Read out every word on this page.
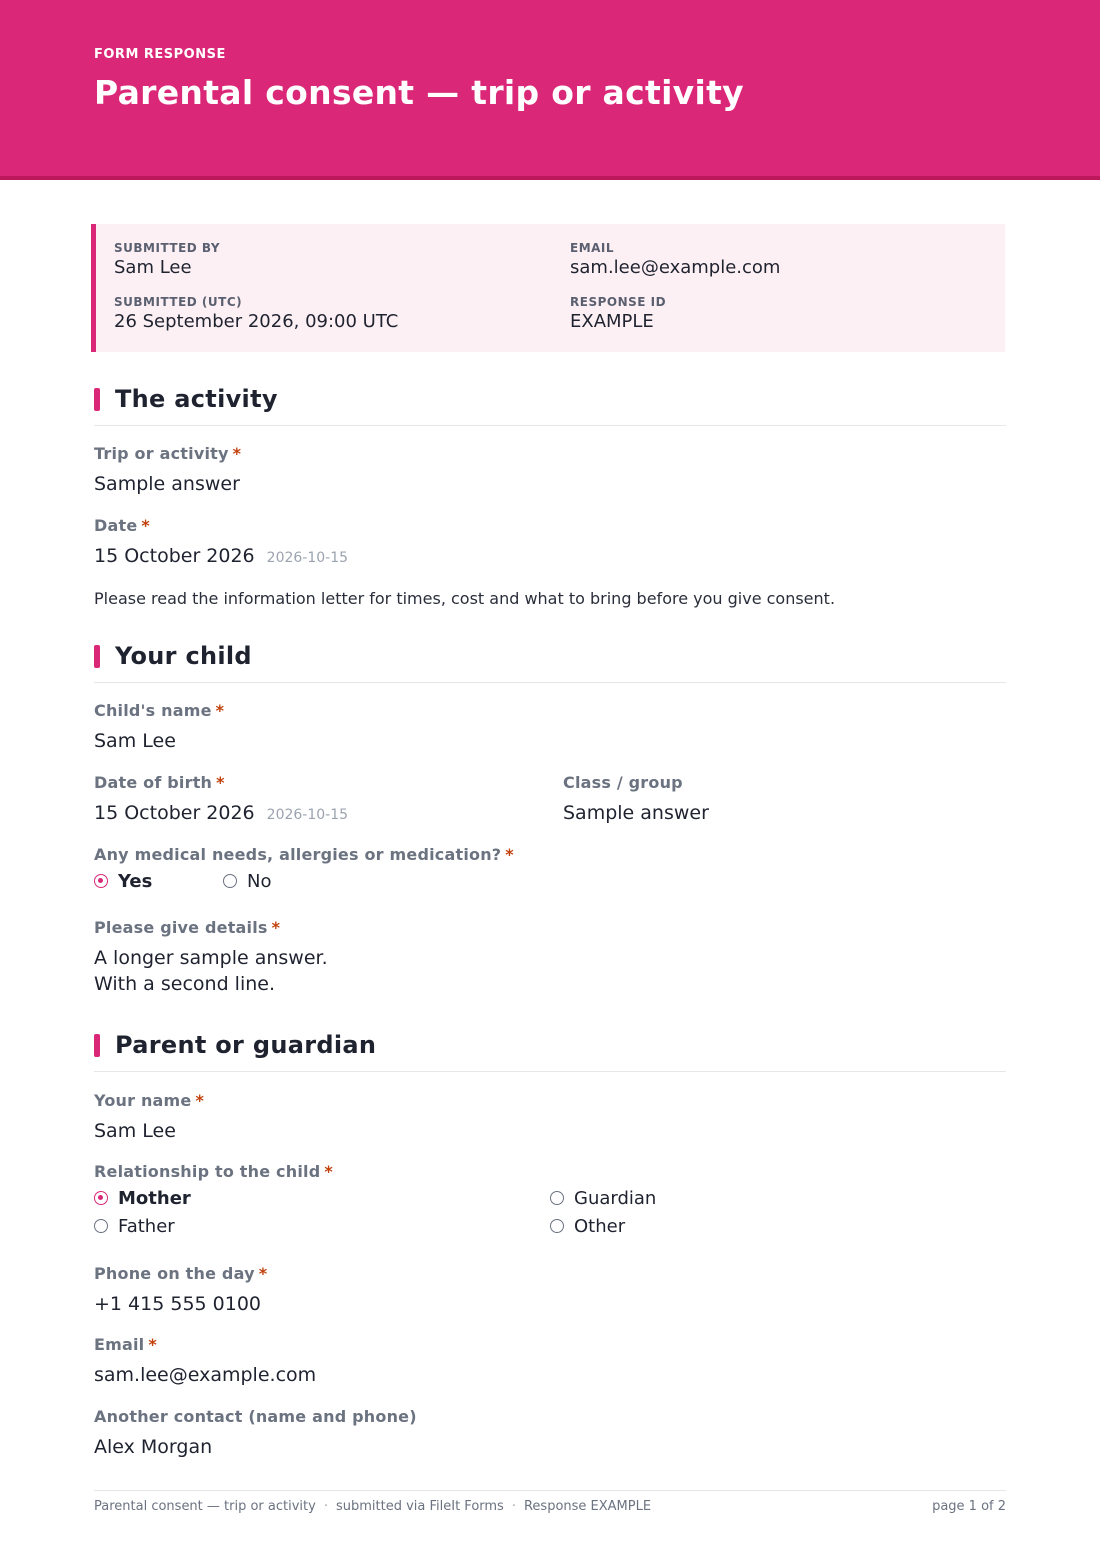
FORM RESPONSE
Parental consent — trip or activity
SUBMITTED BY
Sam Lee
EMAIL
sam.lee@example.com
SUBMITTED (UTC)
26 September 2026, 09:00 UTC
RESPONSE ID
EXAMPLE
The activity
Trip or activity *
Sample answer
Date *
15 October 2026 2026-10-15
Please read the information letter for times, cost and what to bring before you give consent.
Your child
Child's name *
Sam Lee
Date of birth *
15 October 2026 2026-10-15
Class / group
Sample answer
Any medical needs, allergies or medication? *
Yes	No
Please give details *
A longer sample answer.
With a second line.
Parent or guardian
Your name *
Sam Lee
Relationship to the child *
Mother	Guardian
Father	Other
Phone on the day *
+1 415 555 0100
Email *
sam.lee@example.com
Another contact (name and phone)
Alex Morgan
Parental consent — trip or activity · submitted via FileIt Forms · Response EXAMPLE	page 1 of 2
